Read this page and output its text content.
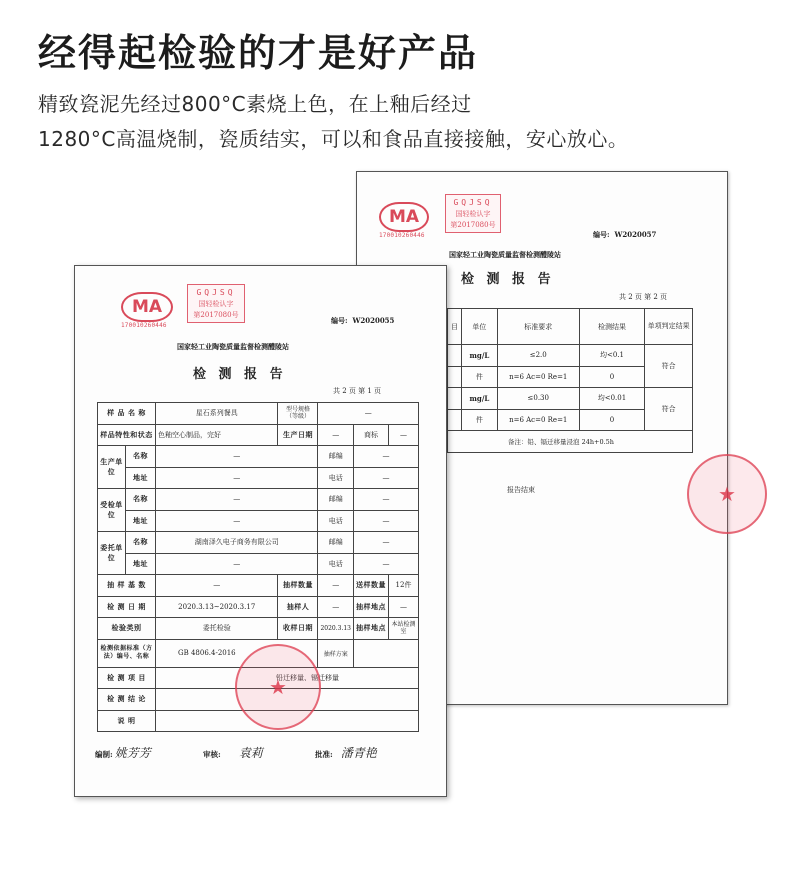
经得起检验的才是好产品
精致瓷泥先经过800°C素烧上色，在上釉后经过
1280°C高温烧制，瓷质结实，可以和食品直接接触，安心放心。
MA
170010260446
GQJSQ
国轻检认字
第2017080号
编号: W2020057
国家轻工业陶瓷质量监督检测醴陵站
检 测 报 告
共 2 页 第 2 页
目	单位	标准要求	检测结果	单项判定结果
	mg/L	≤2.0	均<0.1	符合
	件	n=6 Ac=0 Re=1	0	
	mg/L	≤0.30	均<0.01	符合
	件	n=6 Ac=0 Re=1	0	
备注：铅、镉迁移量浸泡 24h+0.5h				
报告结束	★
MA
170010260446
GQJSQ
国轻检认字
第2017080号
编号: W2020055
国家轻工业陶瓷质量监督检测醴陵站
检 测 报 告
共 2 页 第 1 页
样 品 名 称		星石系列餐具	型号规格（等级）	—		
样品特性和状态		色釉空心制品，完好	生产日期	—	商标	—
生产单位	名称	—		邮编	—	
	地址	—		电话	—	
受检单位	名称	—		邮编	—	
	地址	—		电话	—	
委托单位	名称	湖南泽久电子商务有限公司		邮编	—	
	地址	—		电话	—	
抽 样 基 数		—	抽样数量	—	送样数量	12件
检 测 日 期		2020.3.13~2020.3.17	抽样人	—	抽样地点	—
检验类别		委托检验	收样日期	2020.3.13	抽样地点	本站检测室
检测依据标准（方法）编号、名称		GB 4806.4-2016		抽样方案		
检 测 项 目		铅迁移量、镉迁移量				
检 测 结 论						
说 明						
★
编制: 姚芳芳	审核: 袁莉	批准: 潘青艳
